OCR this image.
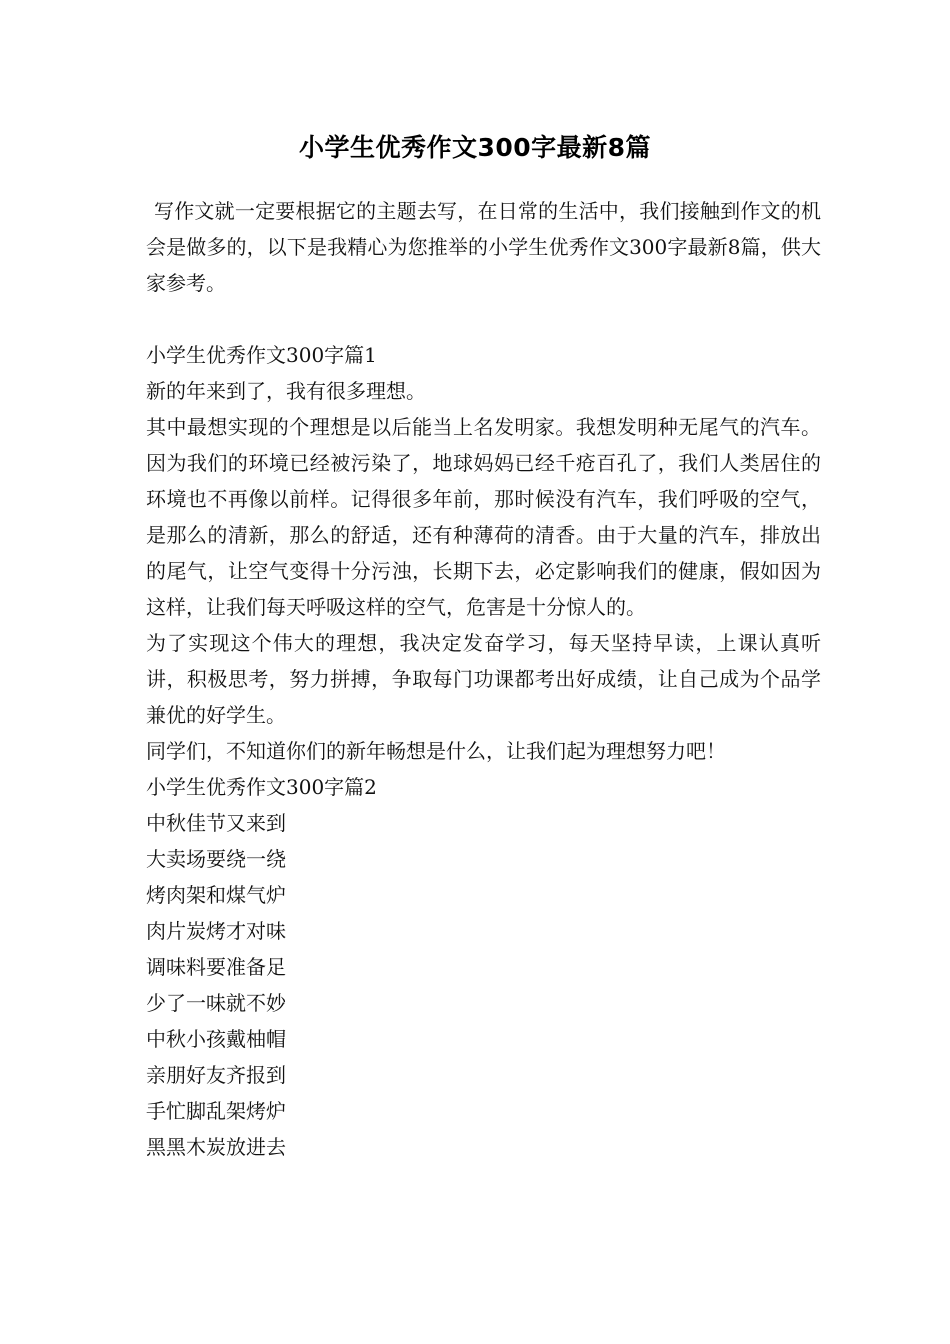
小学生优秀作文300字最新8篇

写作文就一定要根据它的主题去写，在日常的生活中，我们接触到作文的机会是做多的，以下是我精心为您推举的小学生优秀作文300字最新8篇，供大家参考。

小学生优秀作文300字篇1

新的年来到了，我有很多理想。

其中最想实现的个理想是以后能当上名发明家。我想发明种无尾气的汽车。因为我们的环境已经被污染了，地球妈妈已经千疮百孔了，我们人类居住的环境也不再像以前样。记得很多年前，那时候没有汽车，我们呼吸的空气，是那么的清新，那么的舒适，还有种薄荷的清香。由于大量的汽车，排放出的尾气，让空气变得十分污浊，长期下去，必定影响我们的健康，假如因为这样，让我们每天呼吸这样的空气，危害是十分惊人的。

为了实现这个伟大的理想，我决定发奋学习，每天坚持早读，上课认真听讲，积极思考，努力拼搏，争取每门功课都考出好成绩，让自己成为个品学兼优的好学生。

同学们，不知道你们的新年畅想是什么，让我们起为理想努力吧！

小学生优秀作文300字篇2

中秋佳节又来到

大卖场要绕一绕

烤肉架和煤气炉

肉片炭烤才对味

调味料要准备足

少了一味就不妙

中秋小孩戴柚帽

亲朋好友齐报到

手忙脚乱架烤炉

黑黑木炭放进去
